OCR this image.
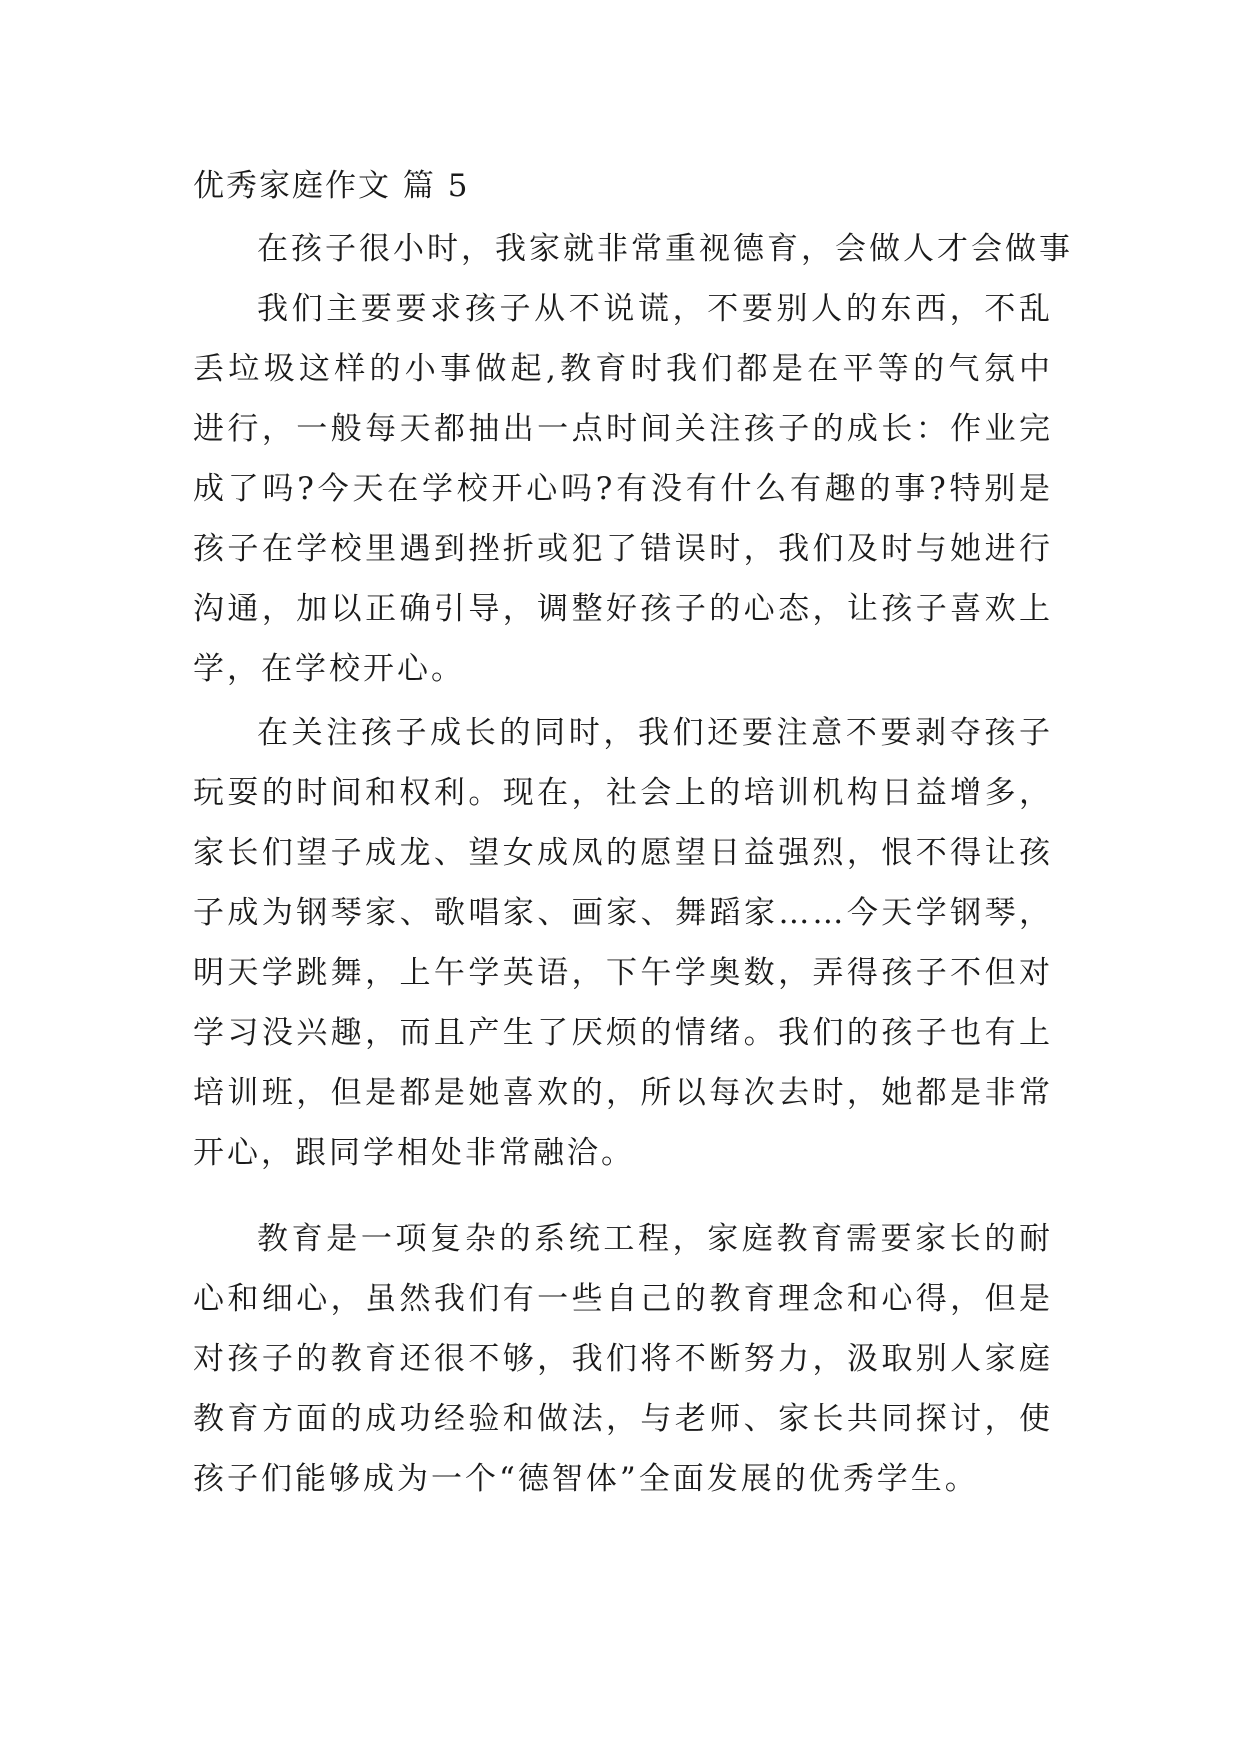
优秀家庭作文 篇 5

在孩子很小时，我家就非常重视德育，会做人才会做事

我们主要要求孩子从不说谎，不要别人的东西，不乱丢垃圾这样的小事做起,教育时我们都是在平等的气氛中进行，一般每天都抽出一点时间关注孩子的成长：作业完成了吗?今天在学校开心吗?有没有什么有趣的事?特别是孩子在学校里遇到挫折或犯了错误时，我们及时与她进行沟通，加以正确引导，调整好孩子的心态，让孩子喜欢上学，在学校开心。

在关注孩子成长的同时，我们还要注意不要剥夺孩子玩耍的时间和权利。现在，社会上的培训机构日益增多，家长们望子成龙、望女成凤的愿望日益强烈，恨不得让孩子成为钢琴家、歌唱家、画家、舞蹈家……今天学钢琴，明天学跳舞，上午学英语，下午学奥数，弄得孩子不但对学习没兴趣，而且产生了厌烦的情绪。我们的孩子也有上培训班，但是都是她喜欢的，所以每次去时，她都是非常开心，跟同学相处非常融洽。

教育是一项复杂的系统工程，家庭教育需要家长的耐心和细心，虽然我们有一些自己的教育理念和心得，但是对孩子的教育还很不够，我们将不断努力，汲取别人家庭教育方面的成功经验和做法，与老师、家长共同探讨，使孩子们能够成为一个“德智体”全面发展的优秀学生。
